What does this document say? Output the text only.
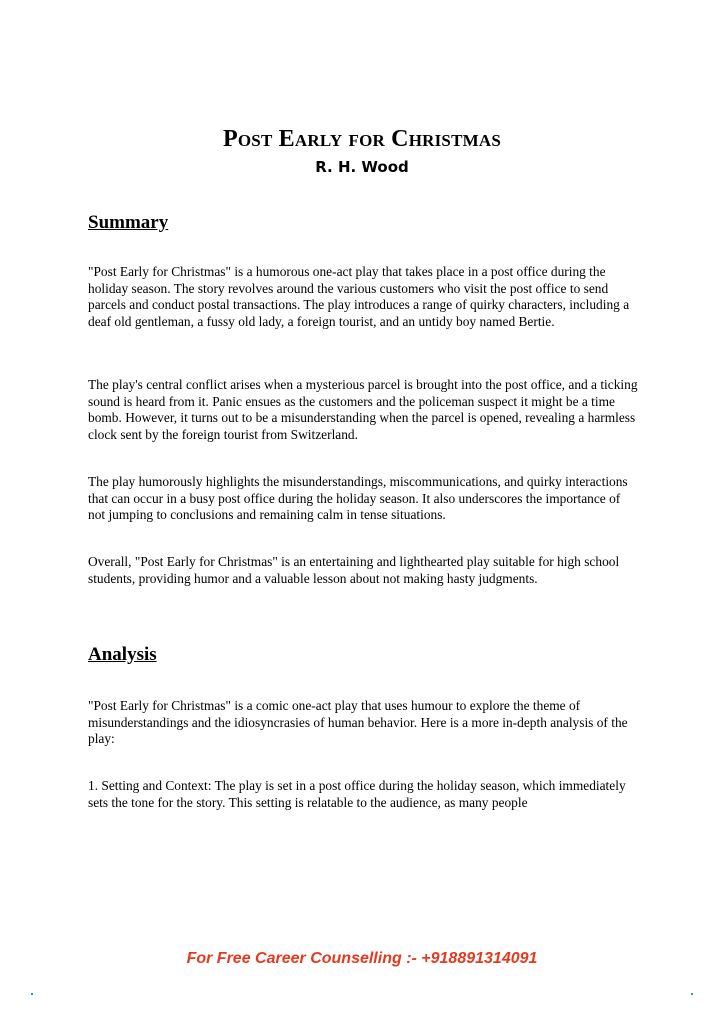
Post Early for Christmas
R. H. Wood
Summary

"Post Early for Christmas" is a humorous one-act play that takes place in a post office during the holiday season. The story revolves around the various customers who visit the post office to send parcels and conduct postal transactions. The play introduces a range of quirky characters, including a deaf old gentleman, a fussy old lady, a foreign tourist, and an untidy boy named Bertie.

The play's central conflict arises when a mysterious parcel is brought into the post office, and a ticking sound is heard from it. Panic ensues as the customers and the policeman suspect it might be a time bomb. However, it turns out to be a misunderstanding when the parcel is opened, revealing a harmless clock sent by the foreign tourist from Switzerland.

The play humorously highlights the misunderstandings, miscommunications, and quirky interactions that can occur in a busy post office during the holiday season. It also underscores the importance of not jumping to conclusions and remaining calm in tense situations.

Overall, "Post Early for Christmas" is an entertaining and lighthearted play suitable for high school students, providing humor and a valuable lesson about not making hasty judgments.

Analysis

"Post Early for Christmas" is a comic one-act play that uses humour to explore the theme of misunderstandings and the idiosyncrasies of human behavior. Here is a more in-depth analysis of the play:

1. Setting and Context: The play is set in a post office during the holiday season, which immediately sets the tone for the story. This setting is relatable to the audience, as many people

For Free Career Counselling :- +918891314091
